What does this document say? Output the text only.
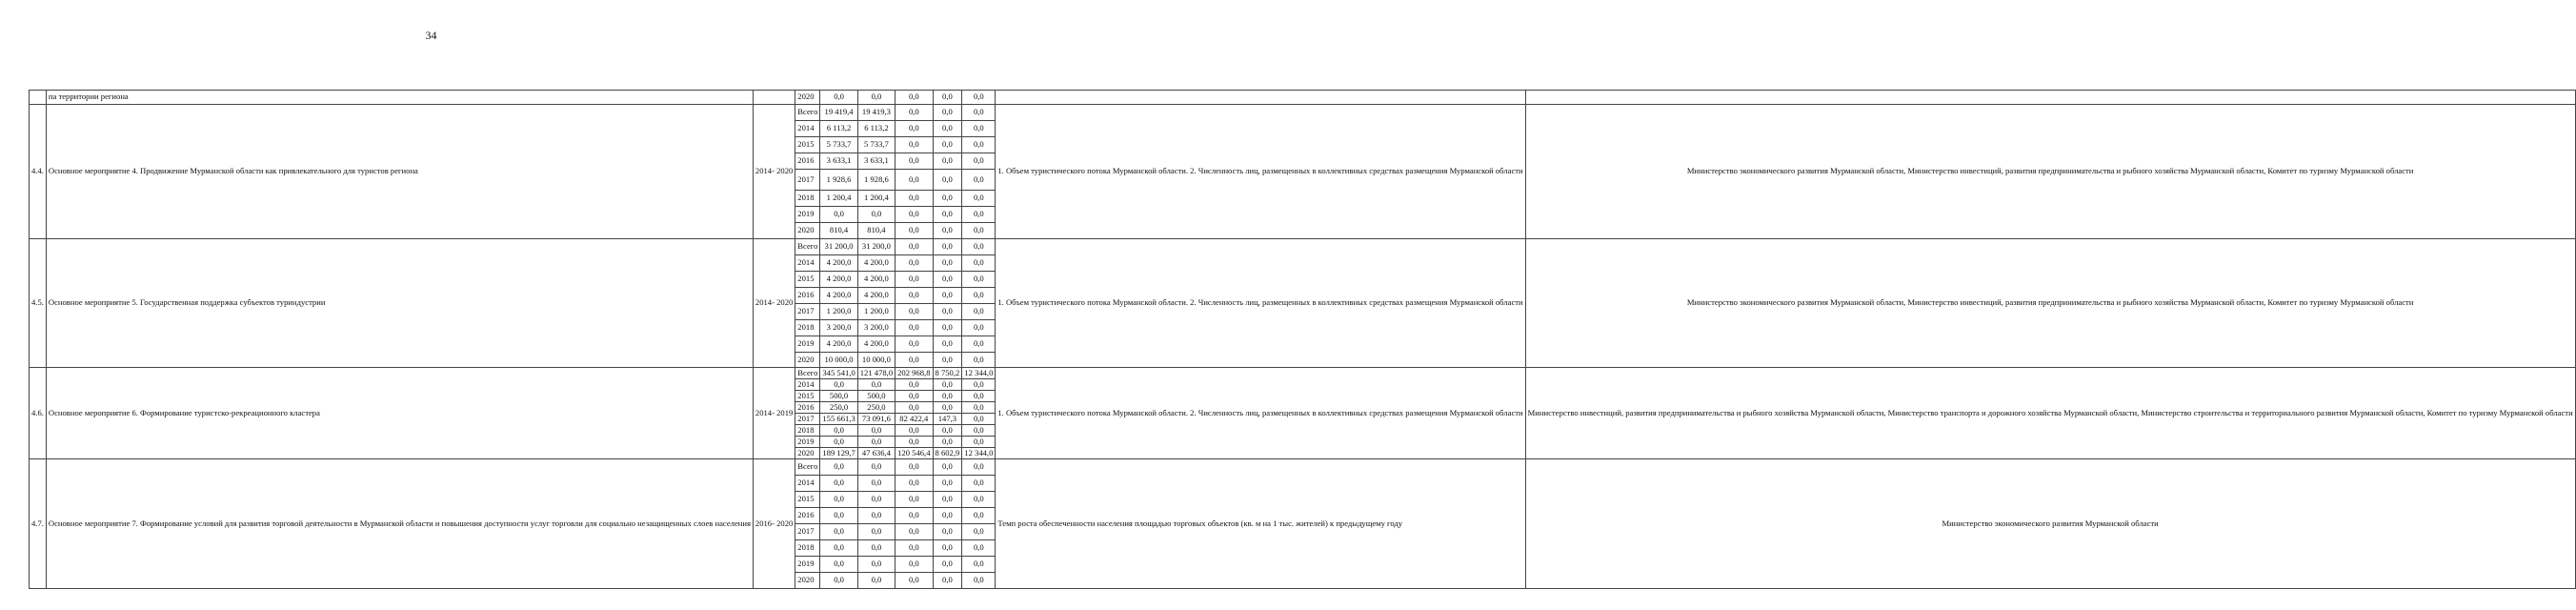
34
	па территории региона		2020	0,0	0,0	0,0	0,0	0,0		
4.4.	Основное мероприятие 4. Продвижение Мурманской области как привлекательного для туристов региона	2014- 2020	Всего	19 419,4	19 419,3	0,0	0,0	0,0	1. Объем туристического потока Мурманской области. 2. Численность лиц, размещенных в коллективных средствах размещения Мурманской области	Министерство экономического развития Мурманской области, Министерство инвестиций, развития предпринимательства и рыбного хозяйства Мурманской области, Комитет по туризму Мурманской области
			2014	6 113,2	6 113,2	0,0	0,0	0,0		
			2015	5 733,7	5 733,7	0,0	0,0	0,0		
			2016	3 633,1	3 633,1	0,0	0,0	0,0		
			2017	1 928,6	1 928,6	0,0	0,0	0,0		
			2018	1 200,4	1 200,4	0,0	0,0	0,0		
			2019	0,0	0,0	0,0	0,0	0,0		
			2020	810,4	810,4	0,0	0,0	0,0		
4.5.	Основное мероприятие 5. Государственная поддержка субъектов туриндустрии	2014- 2020	Всего	31 200,0	31 200,0	0,0	0,0	0,0	1. Объем туристического потока Мурманской области. 2. Численность лиц, размещенных в коллективных средствах размещения Мурманской области	Министерство экономического развития Мурманской области, Министерство инвестиций, развития предпринимательства и рыбного хозяйства Мурманской области, Комитет по туризму Мурманской области
			2014	4 200,0	4 200,0	0,0	0,0	0,0		
			2015	4 200,0	4 200,0	0,0	0,0	0,0		
			2016	4 200,0	4 200,0	0,0	0,0	0,0		
			2017	1 200,0	1 200,0	0,0	0,0	0,0		
			2018	3 200,0	3 200,0	0,0	0,0	0,0		
			2019	4 200,0	4 200,0	0,0	0,0	0,0		
			2020	10 000,0	10 000,0	0,0	0,0	0,0		
4.6.	Основное мероприятие 6. Формирование туристско-рекреационного кластера	2014- 2019	Всего	345 541,0	121 478,0	202 968,8	8 750,2	12 344,0	1. Объем туристического потока Мурманской области. 2. Численность лиц, размещенных в коллективных средствах размещения Мурманской области	Министерство инвестиций, развития предпринимательства и рыбного хозяйства Мурманской области, Министерство транспорта и дорожного хозяйства Мурманской области, Министерство строительства и территориального развития Мурманской области, Комитет по туризму Мурманской области
			2014	0,0	0,0	0,0	0,0	0,0		
			2015	500,0	500,0	0,0	0,0	0,0		
			2016	250,0	250,0	0,0	0,0	0,0		
			2017	155 661,3	73 091,6	82 422,4	147,3	0,0		
			2018	0,0	0,0	0,0	0,0	0,0		
			2019	0,0	0,0	0,0	0,0	0,0		
			2020	189 129,7	47 636,4	120 546,4	8 602,9	12 344,0		
4.7.	Основное мероприятие 7. Формирование условий для развития торговой деятельности в Мурманской области и повышения доступности услуг торговли для социально незащищенных слоев населения	2016- 2020	Всего	0,0	0,0	0,0	0,0	0,0	Темп роста обеспеченности населения площадью торговых объектов (кв. м на 1 тыс. жителей) к предыдущему году	Министерство экономического развития Мурманской области
			2014	0,0	0,0	0,0	0,0	0,0		
			2015	0,0	0,0	0,0	0,0	0,0		
			2016	0,0	0,0	0,0	0,0	0,0		
			2017	0,0	0,0	0,0	0,0	0,0		
			2018	0,0	0,0	0,0	0,0	0,0		
			2019	0,0	0,0	0,0	0,0	0,0		
			2020	0,0	0,0	0,0	0,0	0,0		
